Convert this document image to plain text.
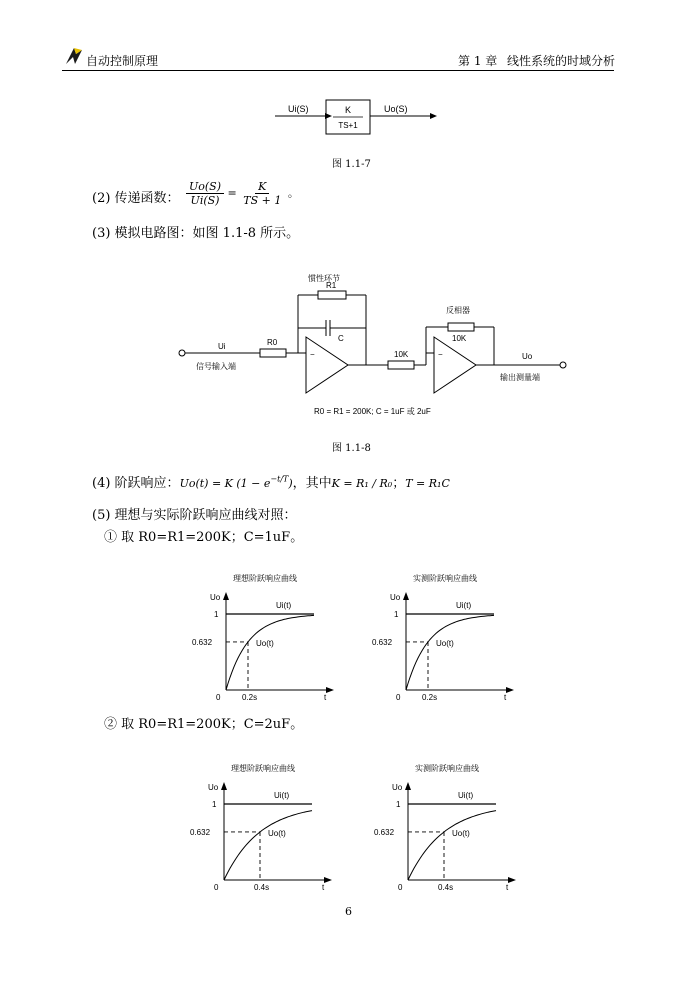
自动控制原理	第 1 章 线性系统的时域分析
Ui(S)	K
TS+1
Uo(S)
图 1.1-7
(2) 传递函数： $\frac{Uo(S)}{Ui(S)} = \frac{K}{TS + 1}$ 。
(3) 模拟电路图：如图 1.1-8 所示。
惯性环节
R1
C
反相器
10K
Ui
信号输入端
R0
10K
−	−	Uo
输出测量端
R0 = R1 = 200K; C = 1uF 或 2uF
图 1.1-8
(4) 阶跃响应：Uo(t) = K $(1 - e^{-t/T})$，其中K = R₁ / R₀；T = R₁C
(5) 理想与实际阶跃响应曲线对照：
① 取 R0=R1=200K；C=1uF。
理想阶跃响应曲线
Uo
Ui(t)
1
0.632	Uo(t)
0	0.2s	t
实测阶跃响应曲线
Uo
Ui(t)
1
0.632	Uo(t)
0	0.2s	t
② 取 R0=R1=200K；C=2uF。
理想阶跃响应曲线
Uo
Ui(t)
1
0.632	Uo(t)
0	0.4s	t
实测阶跃响应曲线
Uo
Ui(t)
1
0.632	Uo(t)
0	0.4s	t
6
